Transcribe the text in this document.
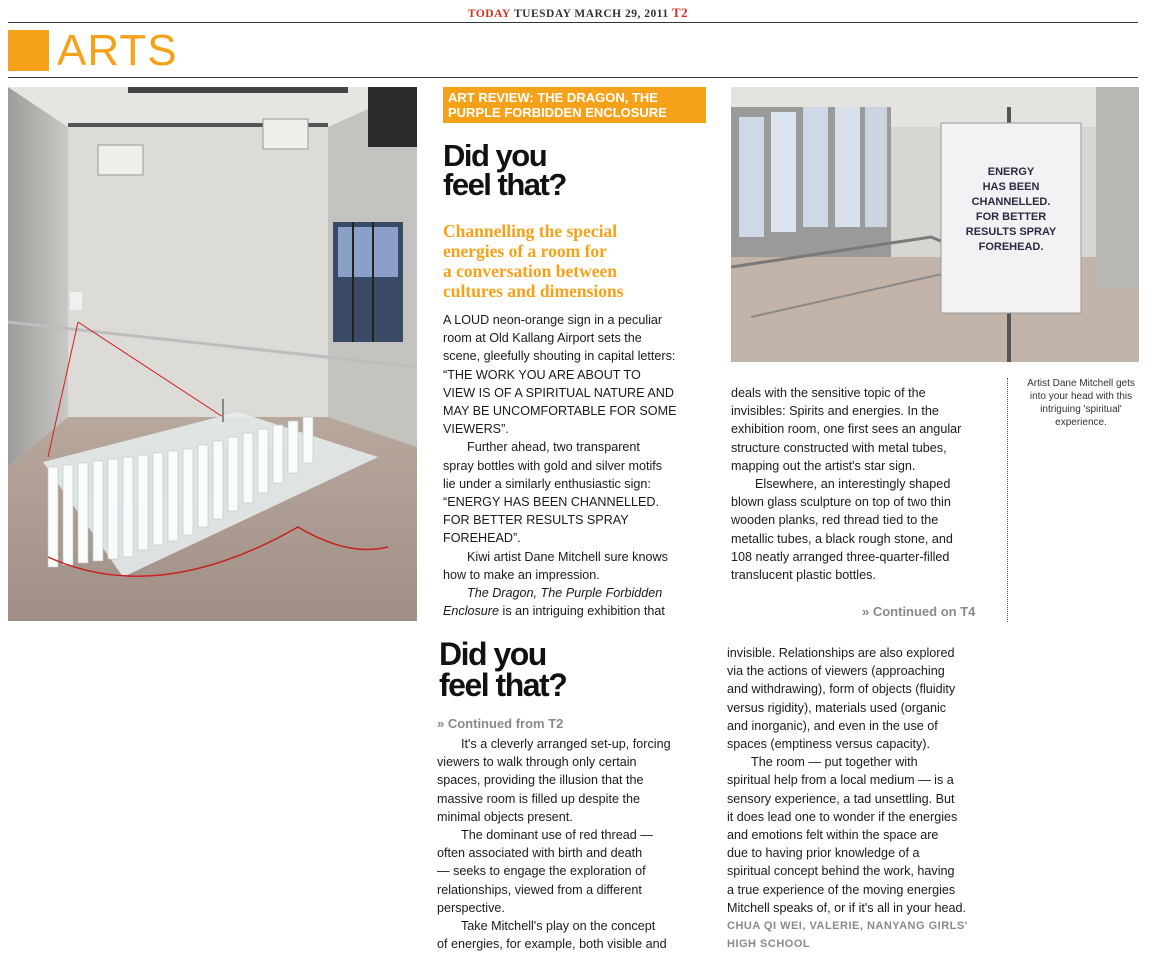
TODAY TUESDAY MARCH 29, 2011 T2
ARTS
ART REVIEW: THE DRAGON, THE
PURPLE FORBIDDEN ENCLOSURE
Did you
feel that?
Channelling the special
energies of a room for
a conversation between
cultures and dimensions

A LOUD neon-orange sign in a peculiar

room at Old Kallang Airport sets the

scene, gleefully shouting in capital letters:

“THE WORK YOU ARE ABOUT TO

VIEW IS OF A SPIRITUAL NATURE AND

MAY BE UNCOMFORTABLE FOR SOME

VIEWERS”.

Further ahead, two transparent

spray bottles with gold and silver motifs

lie under a similarly enthusiastic sign:

“ENERGY HAS BEEN CHANNELLED.

FOR BETTER RESULTS SPRAY

FOREHEAD”.

Kiwi artist Dane Mitchell sure knows

how to make an impression.

The Dragon, The Purple Forbidden

Enclosure is an intriguing exhibition that

ENERGY
HAS BEEN
CHANNELLED.
FOR BETTER
RESULTS SPRAY
FOREHEAD.

deals with the sensitive topic of the

invisibles: Spirits and energies. In the

exhibition room, one first sees an angular

structure constructed with metal tubes,

mapping out the artist's star sign.

Elsewhere, an interestingly shaped

blown glass sculpture on top of two thin

wooden planks, red thread tied to the

metallic tubes, a black rough stone, and

108 neatly arranged three-quarter-filled

translucent plastic bottles.

» Continued on T4
Artist Dane Mitchell gets into your head with this intriguing 'spiritual' experience.
Did you
feel that?
» Continued from T2

It's a cleverly arranged set-up, forcing

viewers to walk through only certain

spaces, providing the illusion that the

massive room is filled up despite the

minimal objects present.

The dominant use of red thread —

often associated with birth and death

— seeks to engage the exploration of

relationships, viewed from a different

perspective.

Take Mitchell's play on the concept

of energies, for example, both visible and

invisible. Relationships are also explored

via the actions of viewers (approaching

and withdrawing), form of objects (fluidity

versus rigidity), materials used (organic

and inorganic), and even in the use of

spaces (emptiness versus capacity).

The room — put together with

spiritual help from a local medium — is a

sensory experience, a tad unsettling. But

it does lead one to wonder if the energies

and emotions felt within the space are

due to having prior knowledge of a

spiritual concept behind the work, having

a true experience of the moving energies

Mitchell speaks of, or if it's all in your head.

CHUA QI WEI, VALERIE, NANYANG GIRLS'

HIGH SCHOOL
